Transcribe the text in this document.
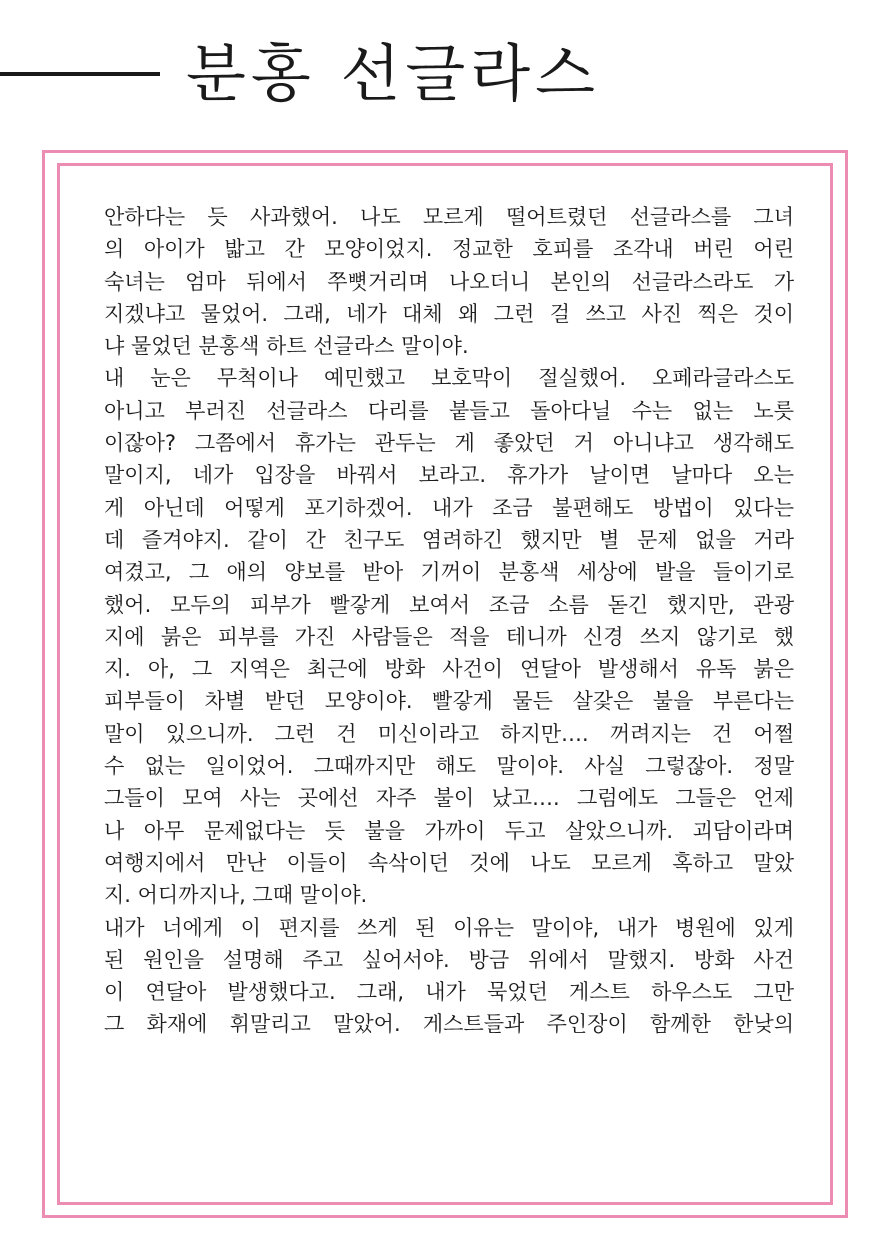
분홍 선글라스
안하다는 듯 사과했어. 나도 모르게 떨어트렸던 선글라스를 그녀
의 아이가 밟고 간 모양이었지. 정교한 호피를 조각내 버린 어린
숙녀는 엄마 뒤에서 쭈뼛거리며 나오더니 본인의 선글라스라도 가
지겠냐고 물었어. 그래, 네가 대체 왜 그런 걸 쓰고 사진 찍은 것이
냐 물었던 분홍색 하트 선글라스 말이야.
내 눈은 무척이나 예민했고 보호막이 절실했어. 오페라글라스도
아니고 부러진 선글라스 다리를 붙들고 돌아다닐 수는 없는 노릇
이잖아? 그쯤에서 휴가는 관두는 게 좋았던 거 아니냐고 생각해도
말이지, 네가 입장을 바꿔서 보라고. 휴가가 날이면 날마다 오는
게 아닌데 어떻게 포기하겠어. 내가 조금 불편해도 방법이 있다는
데 즐겨야지. 같이 간 친구도 염려하긴 했지만 별 문제 없을 거라
여겼고, 그 애의 양보를 받아 기꺼이 분홍색 세상에 발을 들이기로
했어. 모두의 피부가 빨갛게 보여서 조금 소름 돋긴 했지만, 관광
지에 붉은 피부를 가진 사람들은 적을 테니까 신경 쓰지 않기로 했
지. 아, 그 지역은 최근에 방화 사건이 연달아 발생해서 유독 붉은
피부들이 차별 받던 모양이야. 빨갛게 물든 살갗은 불을 부른다는
말이 있으니까. 그런 건 미신이라고 하지만…. 꺼려지는 건 어쩔
수 없는 일이었어. 그때까지만 해도 말이야. 사실 그렇잖아. 정말
그들이 모여 사는 곳에선 자주 불이 났고…. 그럼에도 그들은 언제
나 아무 문제없다는 듯 불을 가까이 두고 살았으니까. 괴담이라며
여행지에서 만난 이들이 속삭이던 것에 나도 모르게 혹하고 말았
지. 어디까지나, 그때 말이야.
내가 너에게 이 편지를 쓰게 된 이유는 말이야, 내가 병원에 있게
된 원인을 설명해 주고 싶어서야. 방금 위에서 말했지. 방화 사건
이 연달아 발생했다고. 그래, 내가 묵었던 게스트 하우스도 그만
그 화재에 휘말리고 말았어. 게스트들과 주인장이 함께한 한낮의
